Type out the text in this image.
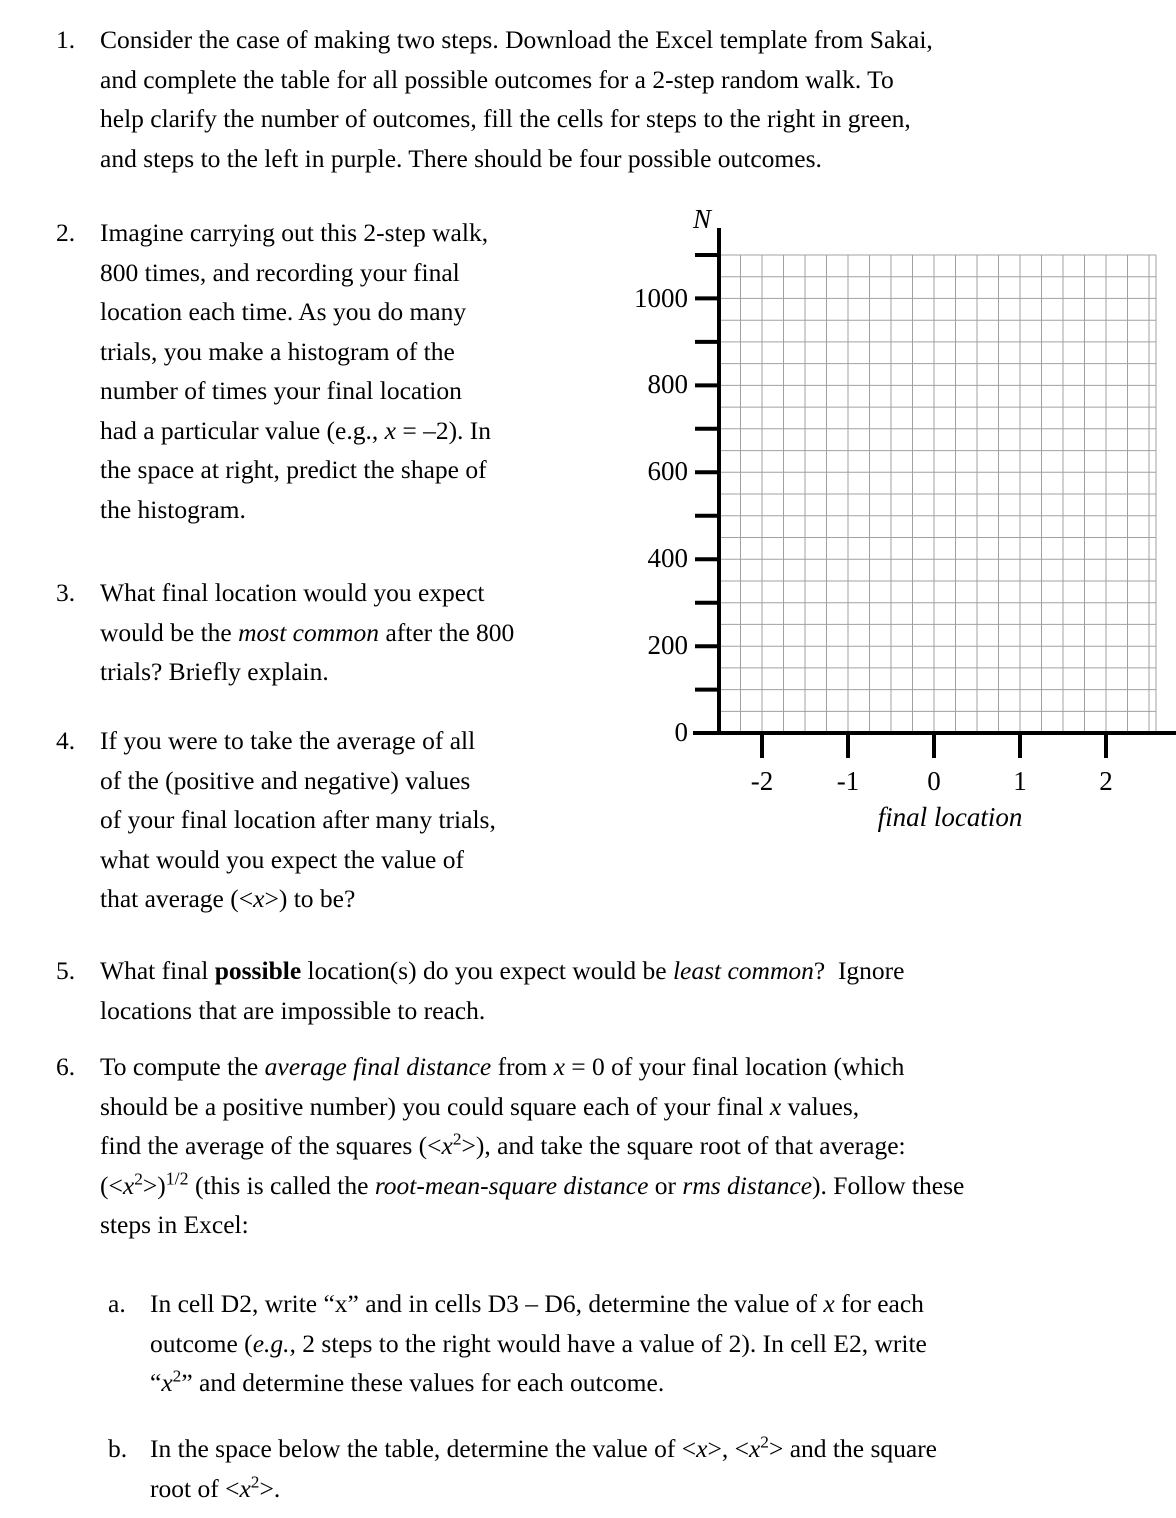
1. Consider the case of making two steps. Download the Excel template from Sakai,
and complete the table for all possible outcomes for a 2-step random walk. To
help clarify the number of outcomes, fill the cells for steps to the right in green,
and steps to the left in purple. There should be four possible outcomes.
2. Imagine carrying out this 2-step walk,
800 times, and recording your final
location each time. As you do many
trials, you make a histogram of the
number of times your final location
had a particular value (e.g., x = –2). In
the space at right, predict the shape of
the histogram.
3. What final location would you expect
would be the most common after the 800
trials? Briefly explain.
4. If you were to take the average of all
of the (positive and negative) values
of your final location after many trials,
what would you expect the value of
that average (<x>) to be?
5. What final possible location(s) do you expect would be least common?  Ignore
locations that are impossible to reach.
6. To compute the average final distance from x = 0 of your final location (which
should be a positive number) you could square each of your final x values,
find the average of the squares $(<x^2>)$, and take the square root of that average:
$(<x^2>)^{1/2}$ (this is called the root-mean-square distance or rms distance). Follow these
steps in Excel:
a. In cell D2, write “x” and in cells D3 – D6, determine the value of x for each
outcome (e.g., 2 steps to the right would have a value of 2). In cell E2, write
“$x^2$” and determine these values for each outcome.
b. In the space below the table, determine the value of <x>, $<x^2>$ and the square
root of $<x^2>$.
0
200
400
600
800
1000
-2 -1	0	1	2
N
final location
